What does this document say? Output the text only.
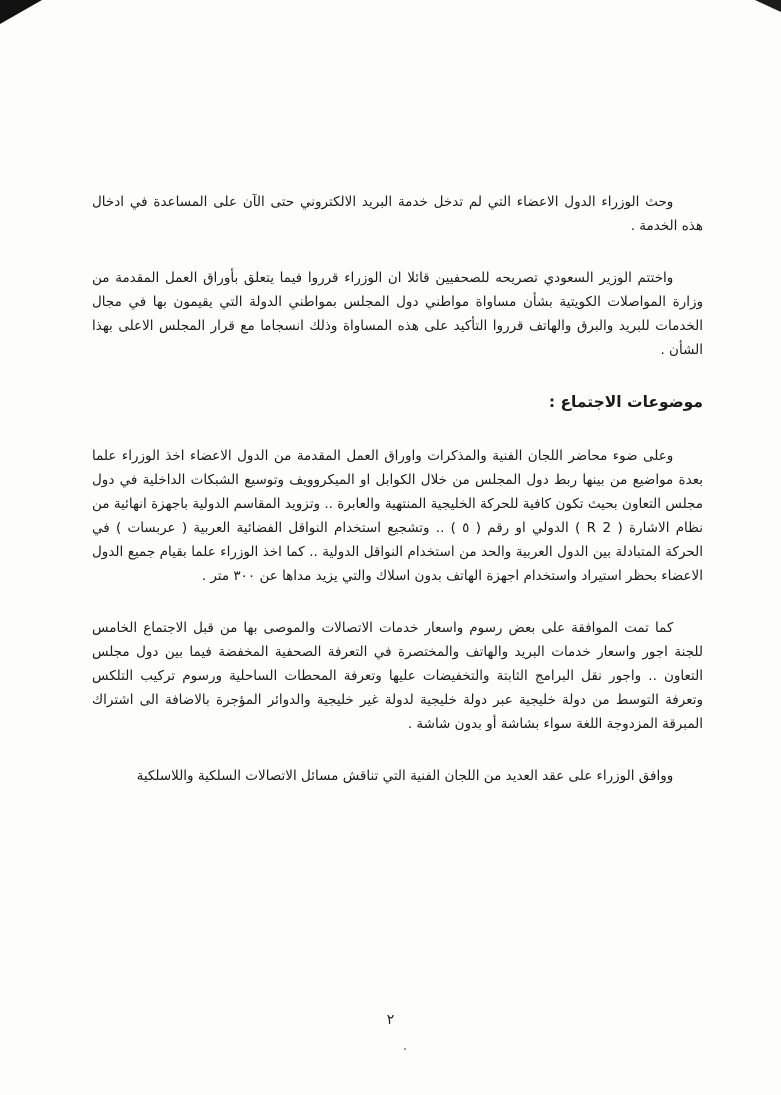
وحث الوزراء الدول الاعضاء التي لم تدخل خدمة البريد الالكتروني حتى الآن على المساعدة في ادخال هذه الخدمة .

واختتم الوزير السعودي تصريحه للصحفيين قائلا ان الوزراء قرروا فيما يتعلق بأوراق العمل المقدمة من وزارة المواصلات الكويتية بشأن مساواة مواطني دول المجلس بمواطني الدولة التي يقيمون بها في مجال الخدمات للبريد والبرق والهاتف قرروا التأكيد على هذه المساواة وذلك انسجاما مع قرار المجلس الاعلى بهذا الشأن .

موضوعات الاجتماع :

وعلى ضوء محاضر اللجان الفنية والمذكرات واوراق العمل المقدمة من الدول الاعضاء اخذ الوزراء علما بعدة مواضيع من بينها ربط دول المجلس من خلال الكوابل او الميكروويف وتوسيع الشبكات الداخلية في دول مجلس التعاون بحيث تكون كافية للحركة الخليجية المنتهية والعابرة .. وتزويد المقاسم الدولية باجهزة انهائية من نظام الاشارة ( R 2 ) الدولي او رقم ( ٥ ) .. وتشجيع استخدام النواقل الفضائية العربية ( عربسات ) في الحركة المتبادلة بين الدول العربية والحد من استخدام النواقل الدولية .. كما اخذ الوزراء علما بقيام جميع الدول الاعضاء بحظر استيراد واستخدام اجهزة الهاتف بدون اسلاك والتي يزيد مداها عن ٣٠٠ متر .

كما تمت الموافقة على بعض رسوم واسعار خدمات الاتصالات والموصى بها من قبل الاجتماع الخامس للجنة اجور واسعار خدمات البريد والهاتف والمختصرة في التعرفة الصحفية المخفضة فيما بين دول مجلس التعاون .. واجور نقل البرامج الثابتة والتخفيضات عليها وتعرفة المحطات الساحلية ورسوم تركيب التلكس وتعرفة التوسط من دولة خليجية عبر دولة خليجية لدولة غير خليجية والدوائر المؤجرة بالاضافة الى اشتراك المبرقة المزدوجة اللغة سواء بشاشة أو بدون شاشة .

ووافق الوزراء على عقد العديد من اللجان الفنية التي تناقش مسائل الاتصالات السلكية واللاسلكية

٢
